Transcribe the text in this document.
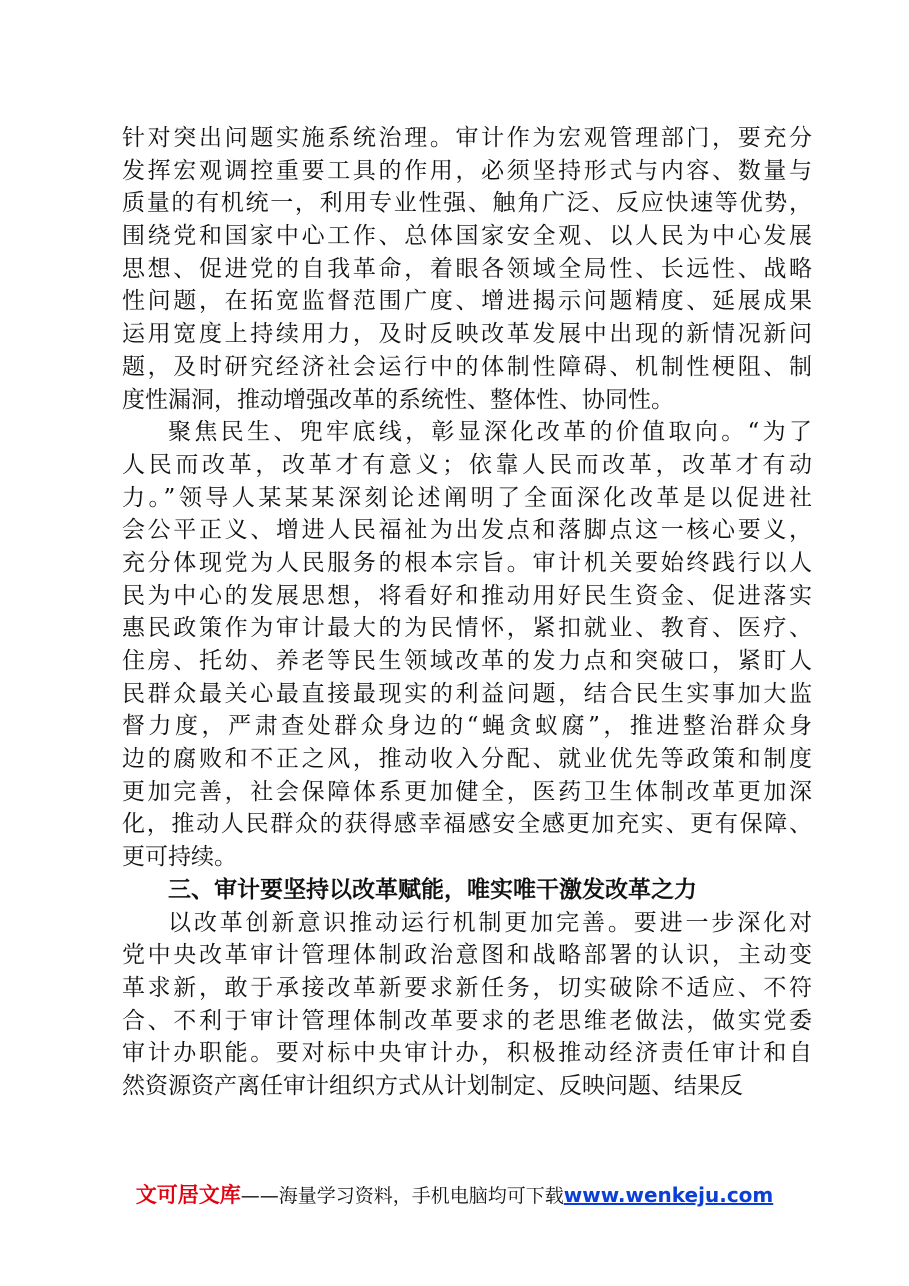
针对突出问题实施系统治理。审计作为宏观管理部门，要充分
发挥宏观调控重要工具的作用，必须坚持形式与内容、数量与
质量的有机统一，利用专业性强、触角广泛、反应快速等优势，
围绕党和国家中心工作、总体国家安全观、以人民为中心发展
思想、促进党的自我革命，着眼各领域全局性、长远性、战略
性问题，在拓宽监督范围广度、增进揭示问题精度、延展成果
运用宽度上持续用力，及时反映改革发展中出现的新情况新问
题，及时研究经济社会运行中的体制性障碍、机制性梗阻、制
度性漏洞，推动增强改革的系统性、整体性、协同性。
聚焦民生、兜牢底线，彰显深化改革的价值取向。“为了
人民而改革，改革才有意义；依靠人民而改革，改革才有动
力。”领导人某某某深刻论述阐明了全面深化改革是以促进社
会公平正义、增进人民福祉为出发点和落脚点这一核心要义，
充分体现党为人民服务的根本宗旨。审计机关要始终践行以人
民为中心的发展思想，将看好和推动用好民生资金、促进落实
惠民政策作为审计最大的为民情怀，紧扣就业、教育、医疗、
住房、托幼、养老等民生领域改革的发力点和突破口，紧盯人
民群众最关心最直接最现实的利益问题，结合民生实事加大监
督力度，严肃查处群众身边的“蝇贪蚁腐”，推进整治群众身
边的腐败和不正之风，推动收入分配、就业优先等政策和制度
更加完善，社会保障体系更加健全，医药卫生体制改革更加深
化，推动人民群众的获得感幸福感安全感更加充实、更有保障、
更可持续。
三、审计要坚持以改革赋能，唯实唯干激发改革之力
以改革创新意识推动运行机制更加完善。要进一步深化对
党中央改革审计管理体制政治意图和战略部署的认识，主动变
革求新，敢于承接改革新要求新任务，切实破除不适应、不符
合、不利于审计管理体制改革要求的老思维老做法，做实党委
审计办职能。要对标中央审计办，积极推动经济责任审计和自
然资源资产离任审计组织方式从计划制定、反映问题、结果反
文可居文库——海量学习资料，手机电脑均可下载www.wenkeju.com
